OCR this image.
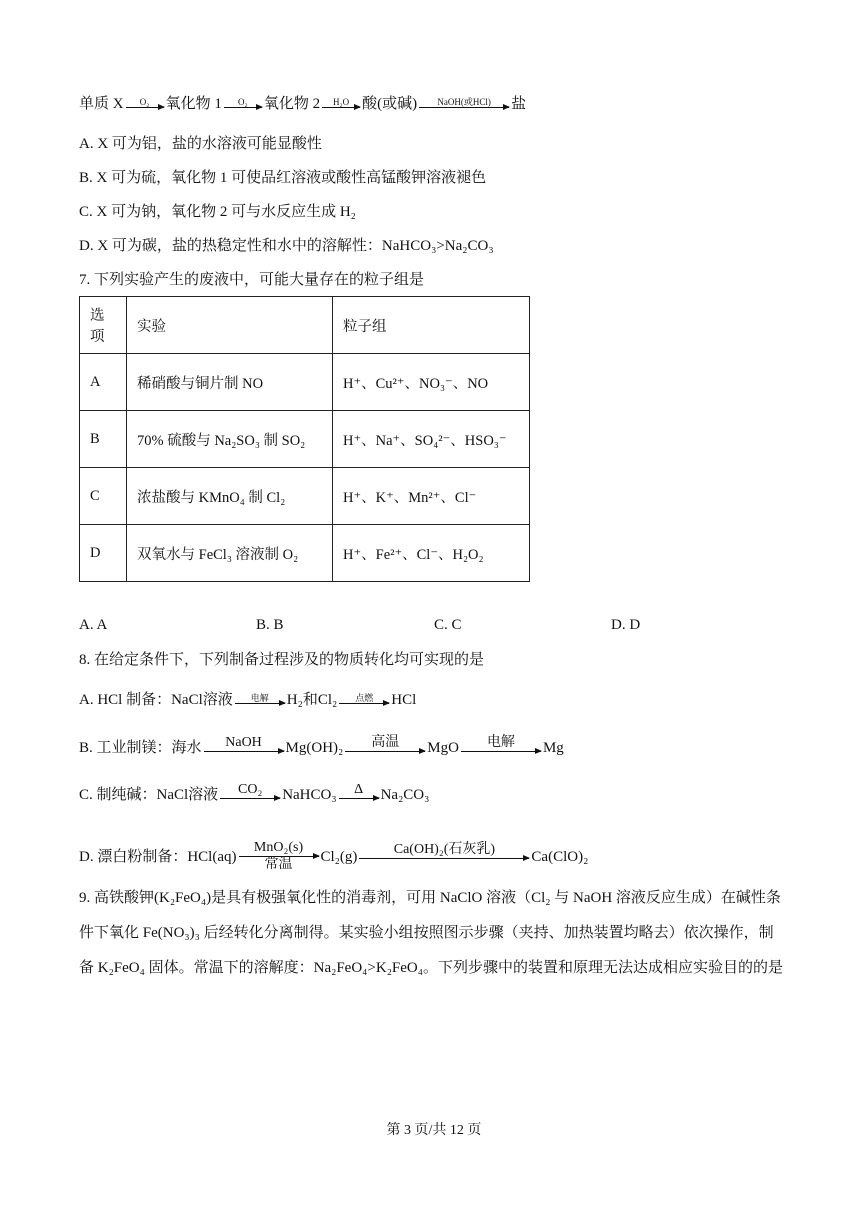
单质 X	O₂ 氧化物 1	O₂ 氧化物 2	H₂O 酸(或碱)	NaOH(或HCl) 盐
A. X 可为铝，盐的水溶液可能显酸性
B. X 可为硫，氧化物 1 可使品红溶液或酸性高锰酸钾溶液褪色
C. X 可为钠，氧化物 2 可与水反应生成 H₂
D. X 可为碳，盐的热稳定性和水中的溶解性：NaHCO₃>Na₂CO₃
7. 下列实验产生的废液中，可能大量存在的粒子组是
选项	实验	粒子组
A	稀硝酸与铜片制 NO	H⁺、Cu²⁺、NO₃⁻、NO
B	70% 硫酸与 Na₂SO₃ 制 SO₂	H⁺、Na⁺、SO₄²⁻、HSO₃⁻
C	浓盐酸与 KMnO₄ 制 Cl₂	H⁺、K⁺、Mn²⁺、Cl⁻
D	双氧水与 FeCl₃ 溶液制 O₂	H⁺、Fe²⁺、Cl⁻、H₂O₂
A. A	B. B	C. C	D. D
8. 在给定条件下，下列制备过程涉及的物质转化均可实现的是
A. HCl 制备： NaCl溶液	电解 H₂和Cl₂	点燃 HCl
B. 工业制镁： 海水 NaOH Mg(OH)₂ 高温 MgO 电解 Mg
C. 制纯碱： NaCl溶液 CO₂ NaHCO₃ Δ Na₂CO₃
D. 漂白粉制备： HCl(aq)
MnO₂(s)
常温 Cl₂(g)	Ca(OH)₂(石灰乳) Ca(ClO)₂
9. 高铁酸钾(K₂FeO₄)是具有极强氧化性的消毒剂，可用 NaClO 溶液（Cl₂ 与 NaOH 溶液反应生成）在碱性条件下氧化 Fe(NO₃)₃ 后经转化分离制得。某实验小组按照图示步骤（夹持、加热装置均略去）依次操作，制备 K₂FeO₄ 固体。常温下的溶解度：Na₂FeO₄>K₂FeO₄。下列步骤中的装置和原理无法达成相应实验目的的是
第 3 页/共 12 页
